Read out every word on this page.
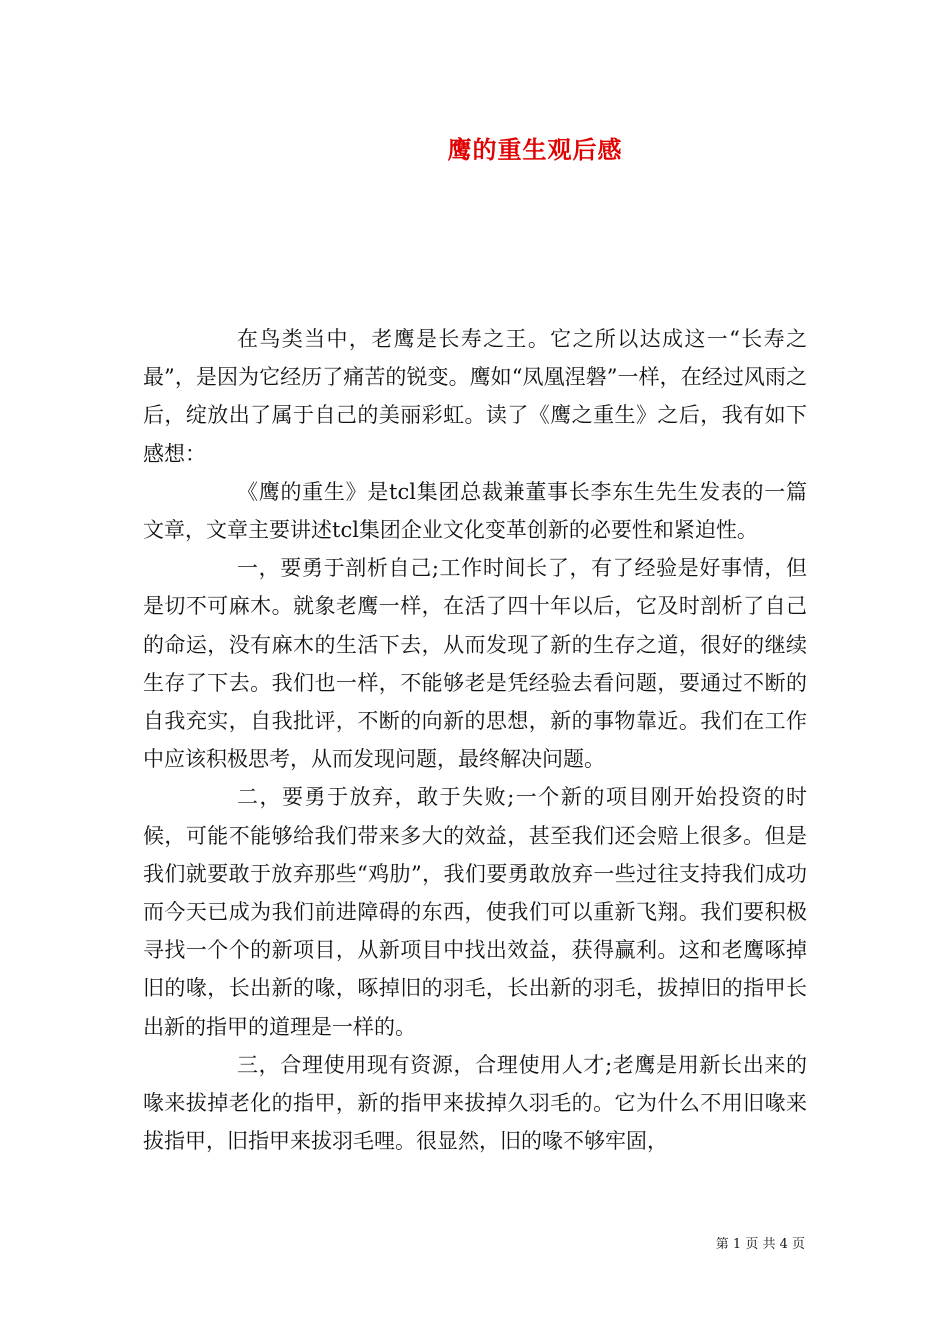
鹰的重生观后感

在鸟类当中，老鹰是长寿之王。它之所以达成这一“长寿之最”，是因为它经历了痛苦的锐变。鹰如“凤凰涅磐”一样，在经过风雨之后，绽放出了属于自己的美丽彩虹。读了《鹰之重生》之后，我有如下感想：

《鹰的重生》是tcl集团总裁兼董事长李东生先生发表的一篇文章，文章主要讲述tcl集团企业文化变革创新的必要性和紧迫性。

一，要勇于剖析自己;工作时间长了，有了经验是好事情，但是切不可麻木。就象老鹰一样，在活了四十年以后，它及时剖析了自己的命运，没有麻木的生活下去，从而发现了新的生存之道，很好的继续生存了下去。我们也一样，不能够老是凭经验去看问题，要通过不断的自我充实，自我批评，不断的向新的思想，新的事物靠近。我们在工作中应该积极思考，从而发现问题，最终解决问题。

二，要勇于放弃，敢于失败;一个新的项目刚开始投资的时候，可能不能够给我们带来多大的效益，甚至我们还会赔上很多。但是我们就要敢于放弃那些“鸡肋”，我们要勇敢放弃一些过往支持我们成功而今天已成为我们前进障碍的东西，使我们可以重新飞翔。我们要积极寻找一个个的新项目，从新项目中找出效益，获得赢利。这和老鹰啄掉旧的喙，长出新的喙，啄掉旧的羽毛，长出新的羽毛，拔掉旧的指甲长出新的指甲的道理是一样的。

三，合理使用现有资源，合理使用人才;老鹰是用新长出来的喙来拔掉老化的指甲，新的指甲来拔掉久羽毛的。它为什么不用旧喙来拔指甲，旧指甲来拔羽毛哩。很显然，旧的喙不够牢固，

第 1 页 共 4 页
